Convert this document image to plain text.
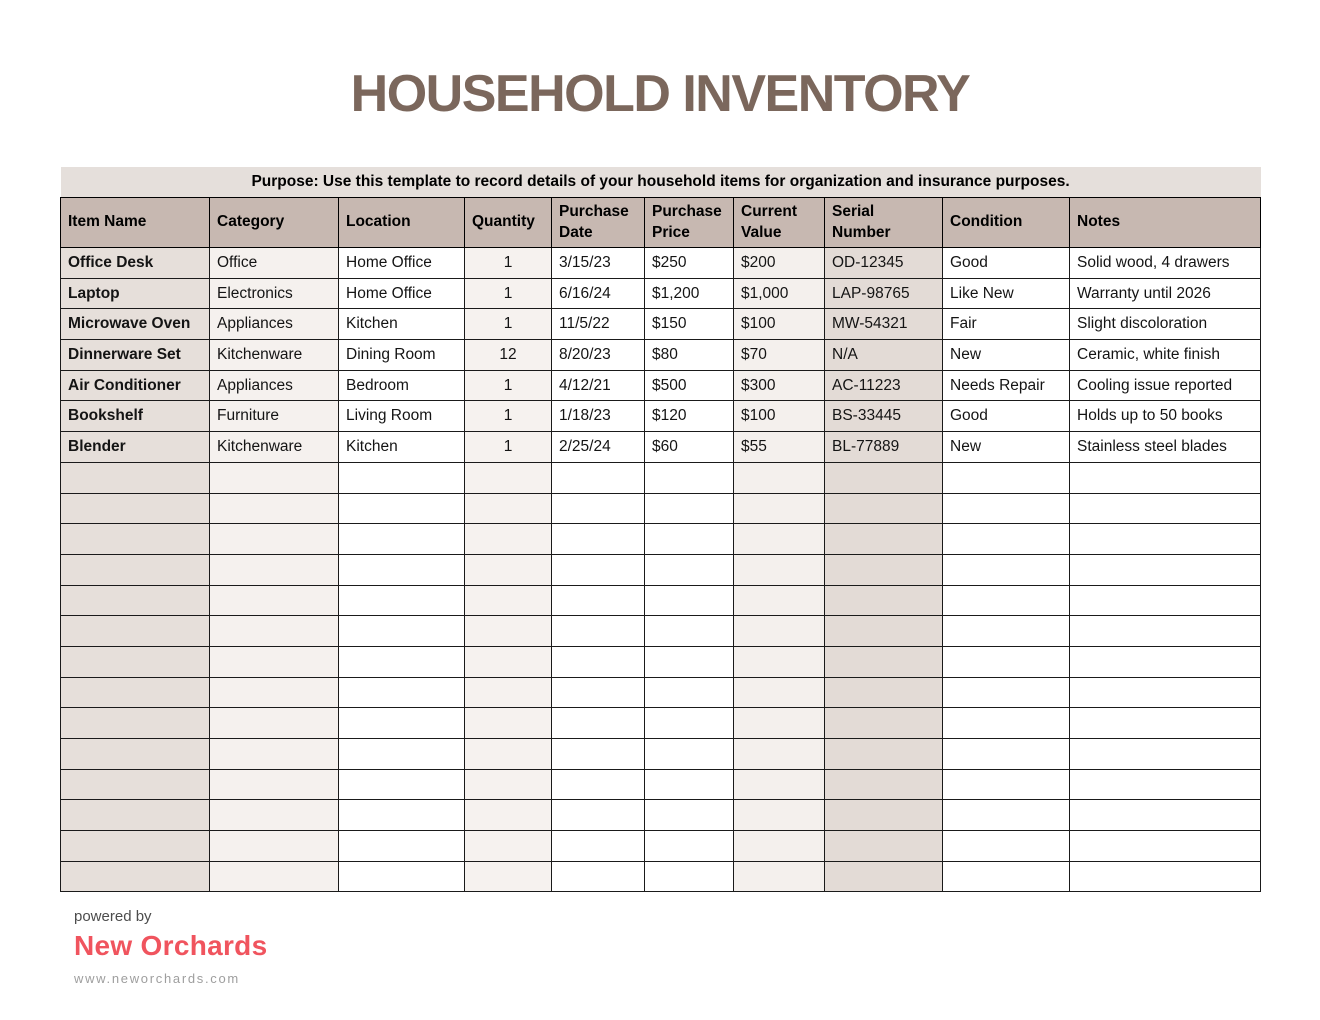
HOUSEHOLD INVENTORY
Purpose: Use this template to record details of your household items for organization and insurance purposes.									
Item Name	Category	Location	Quantity	Purchase Date	Purchase Price	Current Value	Serial Number	Condition	Notes
Office Desk	Office	Home Office	1	3/15/23	$250	$200	OD-12345	Good	Solid wood, 4 drawers
Laptop	Electronics	Home Office	1	6/16/24	$1,200	$1,000	LAP-98765	Like New	Warranty until 2026
Microwave Oven	Appliances	Kitchen	1	11/5/22	$150	$100	MW-54321	Fair	Slight discoloration
Dinnerware Set	Kitchenware	Dining Room	12	8/20/23	$80	$70	N/A	New	Ceramic, white finish
Air Conditioner	Appliances	Bedroom	1	4/12/21	$500	$300	AC-11223	Needs Repair	Cooling issue reported
Bookshelf	Furniture	Living Room	1	1/18/23	$120	$100	BS-33445	Good	Holds up to 50 books
Blender	Kitchenware	Kitchen	1	2/25/24	$60	$55	BL-77889	New	Stainless steel blades

powered by
New Orchards
www.neworchards.com
